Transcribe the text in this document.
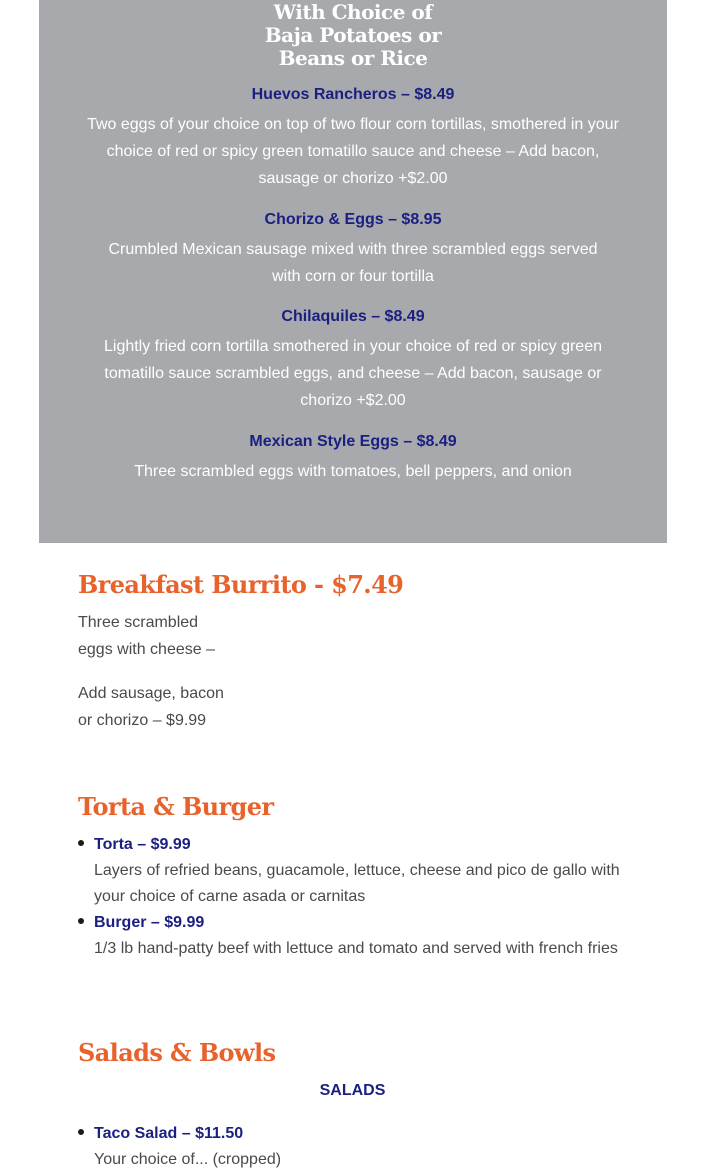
With Choice of
Baja Potatoes or
Beans or Rice
Huevos Rancheros – $8.49
Two eggs of your choice on top of two flour corn tortillas, smothered in your choice of red or spicy green tomatillo sauce and cheese – Add bacon, sausage or chorizo +$2.00
Chorizo & Eggs – $8.95
Crumbled Mexican sausage mixed with three scrambled eggs served with corn or four tortilla
Chilaquiles – $8.49
Lightly fried corn tortilla smothered in your choice of red or spicy green tomatillo sauce scrambled eggs, and cheese – Add bacon, sausage or chorizo +$2.00
Mexican Style Eggs – $8.49
Three scrambled eggs with tomatoes, bell peppers, and onion
Breakfast Burrito - $7.49
Three scrambled
eggs with cheese –
Add sausage, bacon
or chorizo – $9.99
Torta & Burger
Torta – $9.99
Layers of refried beans, guacamole, lettuce, cheese and pico de gallo with your choice of carne asada or carnitas
Burger – $9.99
1/3 lb hand-patty beef with lettuce and tomato and served with french fries
Salads & Bowls
SALADS
Taco Salad – $11.50
Your choice of... (cropped)
